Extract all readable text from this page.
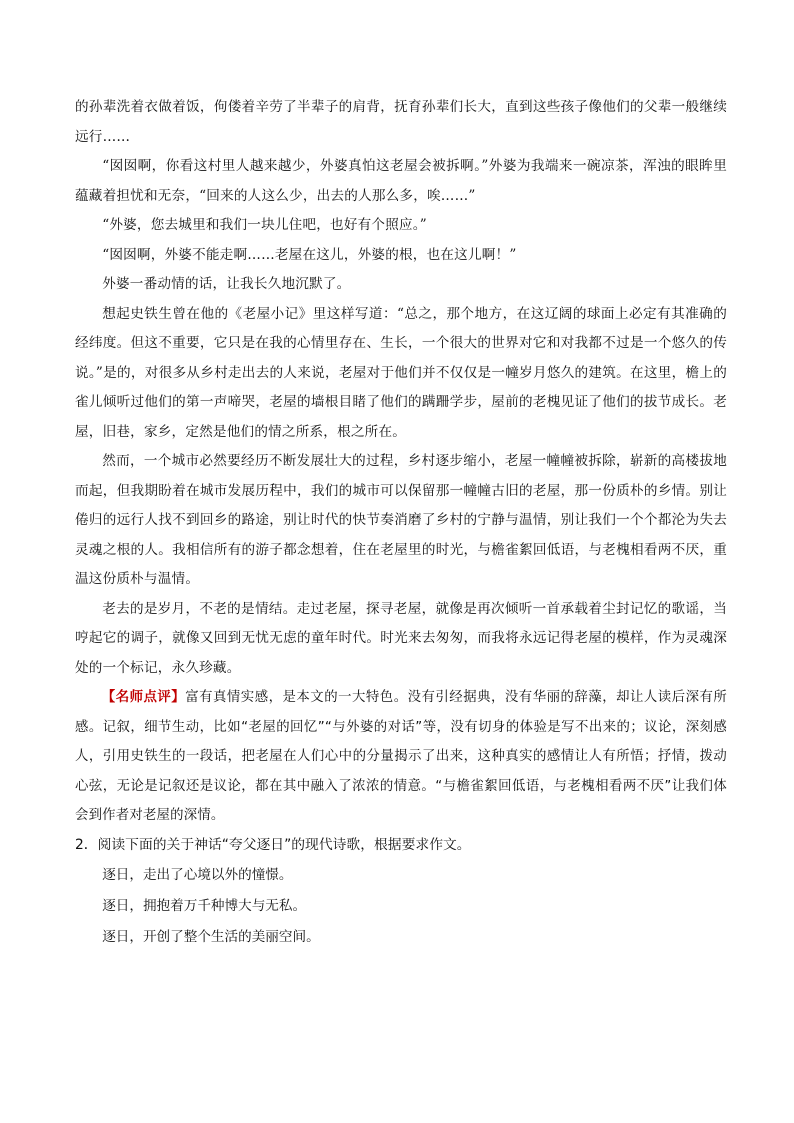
的孙辈洗着衣做着饭，佝偻着辛劳了半辈子的肩背，抚育孙辈们长大，直到这些孩子像他们的父辈一般继续远行……

“囡囡啊，你看这村里人越来越少，外婆真怕这老屋会被拆啊。”外婆为我端来一碗凉茶，浑浊的眼眸里蕴藏着担忧和无奈，“回来的人这么少，出去的人那么多，唉……”

“外婆，您去城里和我们一块儿住吧，也好有个照应。”

“囡囡啊，外婆不能走啊……老屋在这儿，外婆的根，也在这儿啊！”

外婆一番动情的话，让我长久地沉默了。

想起史铁生曾在他的《老屋小记》里这样写道：“总之，那个地方，在这辽阔的球面上必定有其准确的经纬度。但这不重要，它只是在我的心情里存在、生长，一个很大的世界对它和对我都不过是一个悠久的传说。”是的，对很多从乡村走出去的人来说，老屋对于他们并不仅仅是一幢岁月悠久的建筑。在这里，檐上的雀儿倾听过他们的第一声啼哭，老屋的墙根目睹了他们的蹒跚学步，屋前的老槐见证了他们的拔节成长。老屋，旧巷，家乡，定然是他们的情之所系，根之所在。

然而，一个城市必然要经历不断发展壮大的过程，乡村逐步缩小，老屋一幢幢被拆除，崭新的高楼拔地而起，但我期盼着在城市发展历程中，我们的城市可以保留那一幢幢古旧的老屋，那一份质朴的乡情。别让倦归的远行人找不到回乡的路途，别让时代的快节奏消磨了乡村的宁静与温情，别让我们一个个都沦为失去灵魂之根的人。我相信所有的游子都念想着，住在老屋里的时光，与檐雀絮回低语，与老槐相看两不厌，重温这份质朴与温情。

老去的是岁月，不老的是情结。走过老屋，探寻老屋，就像是再次倾听一首承载着尘封记忆的歌谣，当哼起它的调子，就像又回到无忧无虑的童年时代。时光来去匆匆，而我将永远记得老屋的模样，作为灵魂深处的一个标记，永久珍藏。

【名师点评】富有真情实感，是本文的一大特色。没有引经据典，没有华丽的辞藻，却让人读后深有所感。记叙，细节生动，比如“老屋的回忆”“与外婆的对话”等，没有切身的体验是写不出来的；议论，深刻感人，引用史铁生的一段话，把老屋在人们心中的分量揭示了出来，这种真实的感情让人有所悟；抒情，拨动心弦，无论是记叙还是议论，都在其中融入了浓浓的情意。“与檐雀絮回低语，与老槐相看两不厌”让我们体会到作者对老屋的深情。

2．阅读下面的关于神话“夸父逐日”的现代诗歌，根据要求作文。

逐日，走出了心境以外的憧憬。

逐日，拥抱着万千种博大与无私。

逐日，开创了整个生活的美丽空间。
